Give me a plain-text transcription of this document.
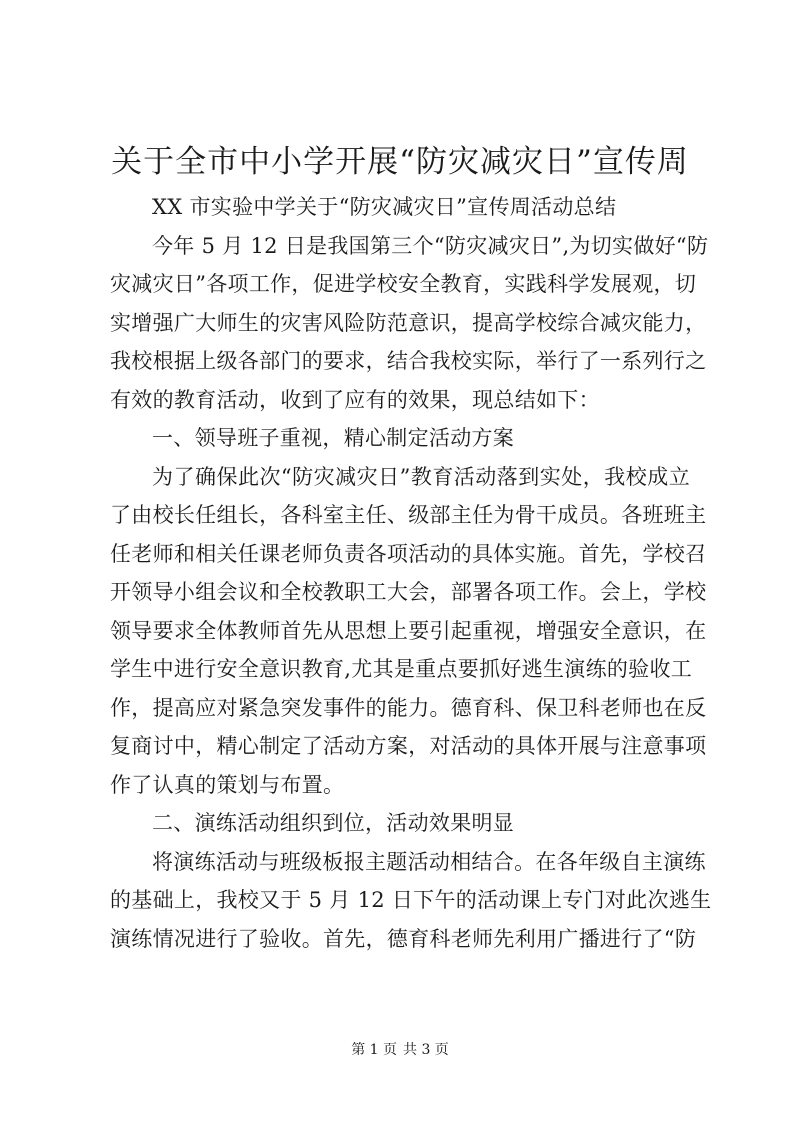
关于全市中小学开展“防灾减灾日”宣传周
XX 市实验中学关于“防灾减灾日”宣传周活动总结
今年 5 月 12 日是我国第三个“防灾减灾日”,为切实做好“防
灾减灾日”各项工作，促进学校安全教育，实践科学发展观，切
实增强广大师生的灾害风险防范意识，提高学校综合减灾能力，
我校根据上级各部门的要求，结合我校实际，举行了一系列行之
有效的教育活动，收到了应有的效果，现总结如下：
一、领导班子重视，精心制定活动方案
为了确保此次“防灾减灾日”教育活动落到实处，我校成立
了由校长任组长，各科室主任、级部主任为骨干成员。各班班主
任老师和相关任课老师负责各项活动的具体实施。首先，学校召
开领导小组会议和全校教职工大会，部署各项工作。会上，学校
领导要求全体教师首先从思想上要引起重视，增强安全意识，在
学生中进行安全意识教育,尤其是重点要抓好逃生演练的验收工
作，提高应对紧急突发事件的能力。德育科、保卫科老师也在反
复商讨中，精心制定了活动方案，对活动的具体开展与注意事项
作了认真的策划与布置。
二、演练活动组织到位，活动效果明显
将演练活动与班级板报主题活动相结合。在各年级自主演练
的基础上，我校又于 5 月 12 日下午的活动课上专门对此次逃生
演练情况进行了验收。首先，德育科老师先利用广播进行了“防
第 1 页 共 3 页
